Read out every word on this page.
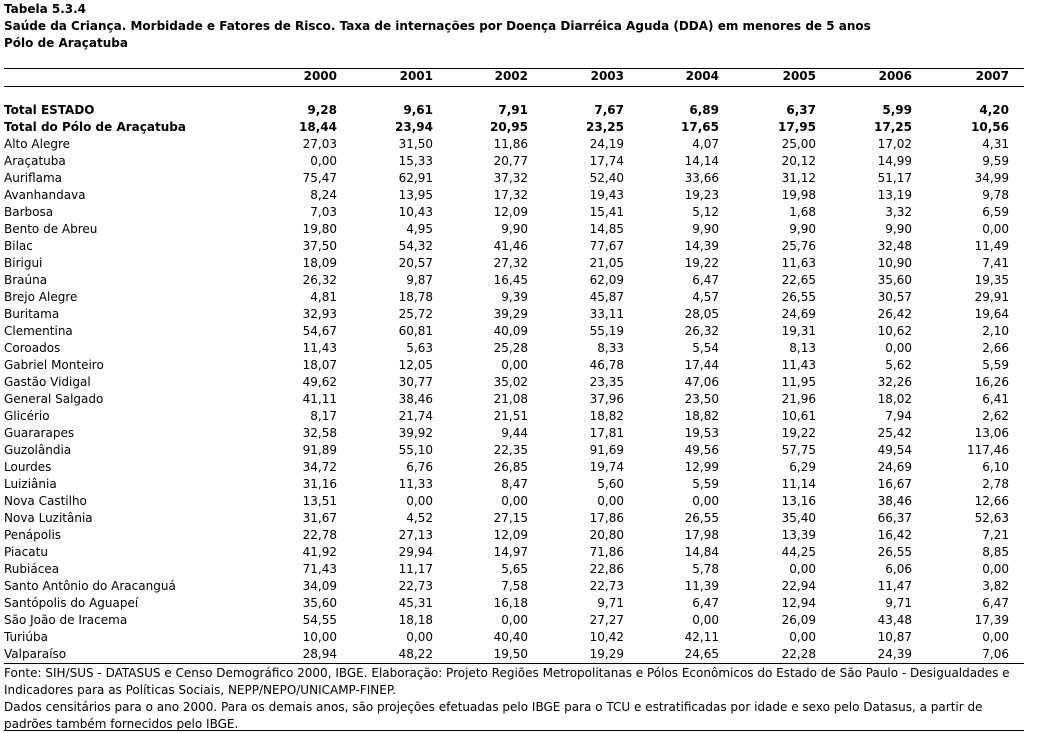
Tabela 5.3.4
Saúde da Criança. Morbidade e Fatores de Risco. Taxa de internações por Doença Diarréica Aguda (DDA) em menores de 5 anos
Pólo de Araçatuba
	2000	2001	2002	2003	2004	2005	2006	2007

Total ESTADO	9,28	9,61	7,91	7,67	6,89	6,37	5,99	4,20
Total do Pólo de Araçatuba	18,44	23,94	20,95	23,25	17,65	17,95	17,25	10,56
Alto Alegre	27,03	31,50	11,86	24,19	4,07	25,00	17,02	4,31
Araçatuba	0,00	15,33	20,77	17,74	14,14	20,12	14,99	9,59
Auriflama	75,47	62,91	37,32	52,40	33,66	31,12	51,17	34,99
Avanhandava	8,24	13,95	17,32	19,43	19,23	19,98	13,19	9,78
Barbosa	7,03	10,43	12,09	15,41	5,12	1,68	3,32	6,59
Bento de Abreu	19,80	4,95	9,90	14,85	9,90	9,90	9,90	0,00
Bilac	37,50	54,32	41,46	77,67	14,39	25,76	32,48	11,49
Birigui	18,09	20,57	27,32	21,05	19,22	11,63	10,90	7,41
Braúna	26,32	9,87	16,45	62,09	6,47	22,65	35,60	19,35
Brejo Alegre	4,81	18,78	9,39	45,87	4,57	26,55	30,57	29,91
Buritama	32,93	25,72	39,29	33,11	28,05	24,69	26,42	19,64
Clementina	54,67	60,81	40,09	55,19	26,32	19,31	10,62	2,10
Coroados	11,43	5,63	25,28	8,33	5,54	8,13	0,00	2,66
Gabriel Monteiro	18,07	12,05	0,00	46,78	17,44	11,43	5,62	5,59
Gastão Vidigal	49,62	30,77	35,02	23,35	47,06	11,95	32,26	16,26
General Salgado	41,11	38,46	21,08	37,96	23,50	21,96	18,02	6,41
Glicério	8,17	21,74	21,51	18,82	18,82	10,61	7,94	2,62
Guararapes	32,58	39,92	9,44	17,81	19,53	19,22	25,42	13,06
Guzolândia	91,89	55,10	22,35	91,69	49,56	57,75	49,54	117,46
Lourdes	34,72	6,76	26,85	19,74	12,99	6,29	24,69	6,10
Luiziânia	31,16	11,33	8,47	5,60	5,59	11,14	16,67	2,78
Nova Castilho	13,51	0,00	0,00	0,00	0,00	13,16	38,46	12,66
Nova Luzitânia	31,67	4,52	27,15	17,86	26,55	35,40	66,37	52,63
Penápolis	22,78	27,13	12,09	20,80	17,98	13,39	16,42	7,21
Piacatu	41,92	29,94	14,97	71,86	14,84	44,25	26,55	8,85
Rubiácea	71,43	11,17	5,65	22,86	5,78	0,00	6,06	0,00
Santo Antônio do Aracanguá	34,09	22,73	7,58	22,73	11,39	22,94	11,47	3,82
Santópolis do Aguapeí	35,60	45,31	16,18	9,71	6,47	12,94	9,71	6,47
São João de Iracema	54,55	18,18	0,00	27,27	0,00	26,09	43,48	17,39
Turiúba	10,00	0,00	40,40	10,42	42,11	0,00	10,87	0,00
Valparaíso	28,94	48,22	19,50	19,29	24,65	22,28	24,39	7,06
Fonte: SIH/SUS - DATASUS e Censo Demográfico 2000, IBGE. Elaboração: Projeto Regiões Metropolitanas e Pólos Econômicos do Estado de São Paulo - Desigualdades e Indicadores para as Políticas Sociais, NEPP/NEPO/UNICAMP-FINEP.
Dados censitários para o ano 2000. Para os demais anos, são projeções efetuadas pelo IBGE para o TCU e estratificadas por idade e sexo pelo Datasus, a partir de padrões também fornecidos pelo IBGE.
